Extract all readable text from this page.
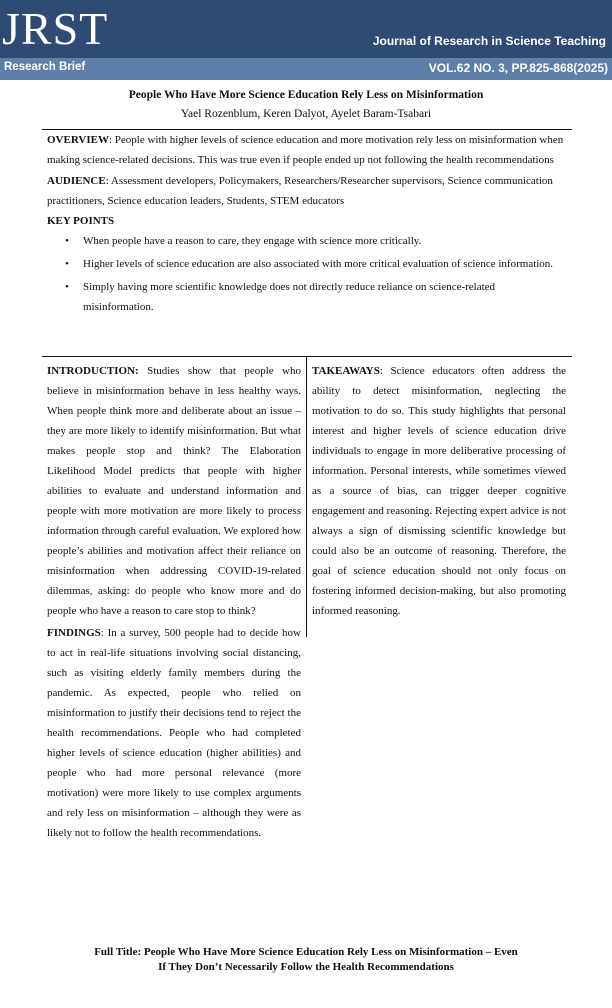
JRST	Journal of Research in Science Teaching
Research Brief	VOL.62 NO. 3, PP.825-868(2025)
People Who Have More Science Education Rely Less on Misinformation
Yael Rozenblum, Keren Dalyot, Ayelet Baram-Tsabari

OVERVIEW: People with higher levels of science education and more motivation rely less on misinformation when making science-related decisions. This was true even if people ended up not following the health recommendations

AUDIENCE: Assessment developers, Policymakers, Researchers/Researcher supervisors, Science communication practitioners, Science education leaders, Students, STEM educators

KEY POINTS
• When people have a reason to care, they engage with science more critically.
• Higher levels of science education are also associated with more critical evaluation of science information.
• Simply having more scientific knowledge does not directly reduce reliance on science-related misinformation.

INTRODUCTION: Studies show that people who believe in misinformation behave in less healthy ways. When people think more and deliberate about an issue – they are more likely to identify misinformation. But what makes people stop and think? The Elaboration Likelihood Model predicts that people with higher abilities to evaluate and understand information and people with more motivation are more likely to process information through careful evaluation. We explored how people’s abilities and motivation affect their reliance on misinformation when addressing COVID-19-related dilemmas, asking: do people who know more and do people who have a reason to care stop to think?

FINDINGS: In a survey, 500 people had to decide how to act in real-life situations involving social distancing, such as visiting elderly family members during the pandemic. As expected, people who relied on misinformation to justify their decisions tend to reject the health recommendations. People who had completed higher levels of science education (higher abilities) and people who had more personal relevance (more motivation) were more likely to use complex arguments and rely less on misinformation – although they were as likely not to follow the health recommendations.

TAKEAWAYS: Science educators often address the ability to detect misinformation, neglecting the motivation to do so. This study highlights that personal interest and higher levels of science education drive individuals to engage in more deliberative processing of information. Personal interests, while sometimes viewed as a source of bias, can trigger deeper cognitive engagement and reasoning. Rejecting expert advice is not always a sign of dismissing scientific knowledge but could also be an outcome of reasoning. Therefore, the goal of science education should not only focus on fostering informed decision-making, but also promoting informed reasoning.

Full Title: People Who Have More Science Education Rely Less on Misinformation – Even
If They Don’t Necessarily Follow the Health Recommendations
